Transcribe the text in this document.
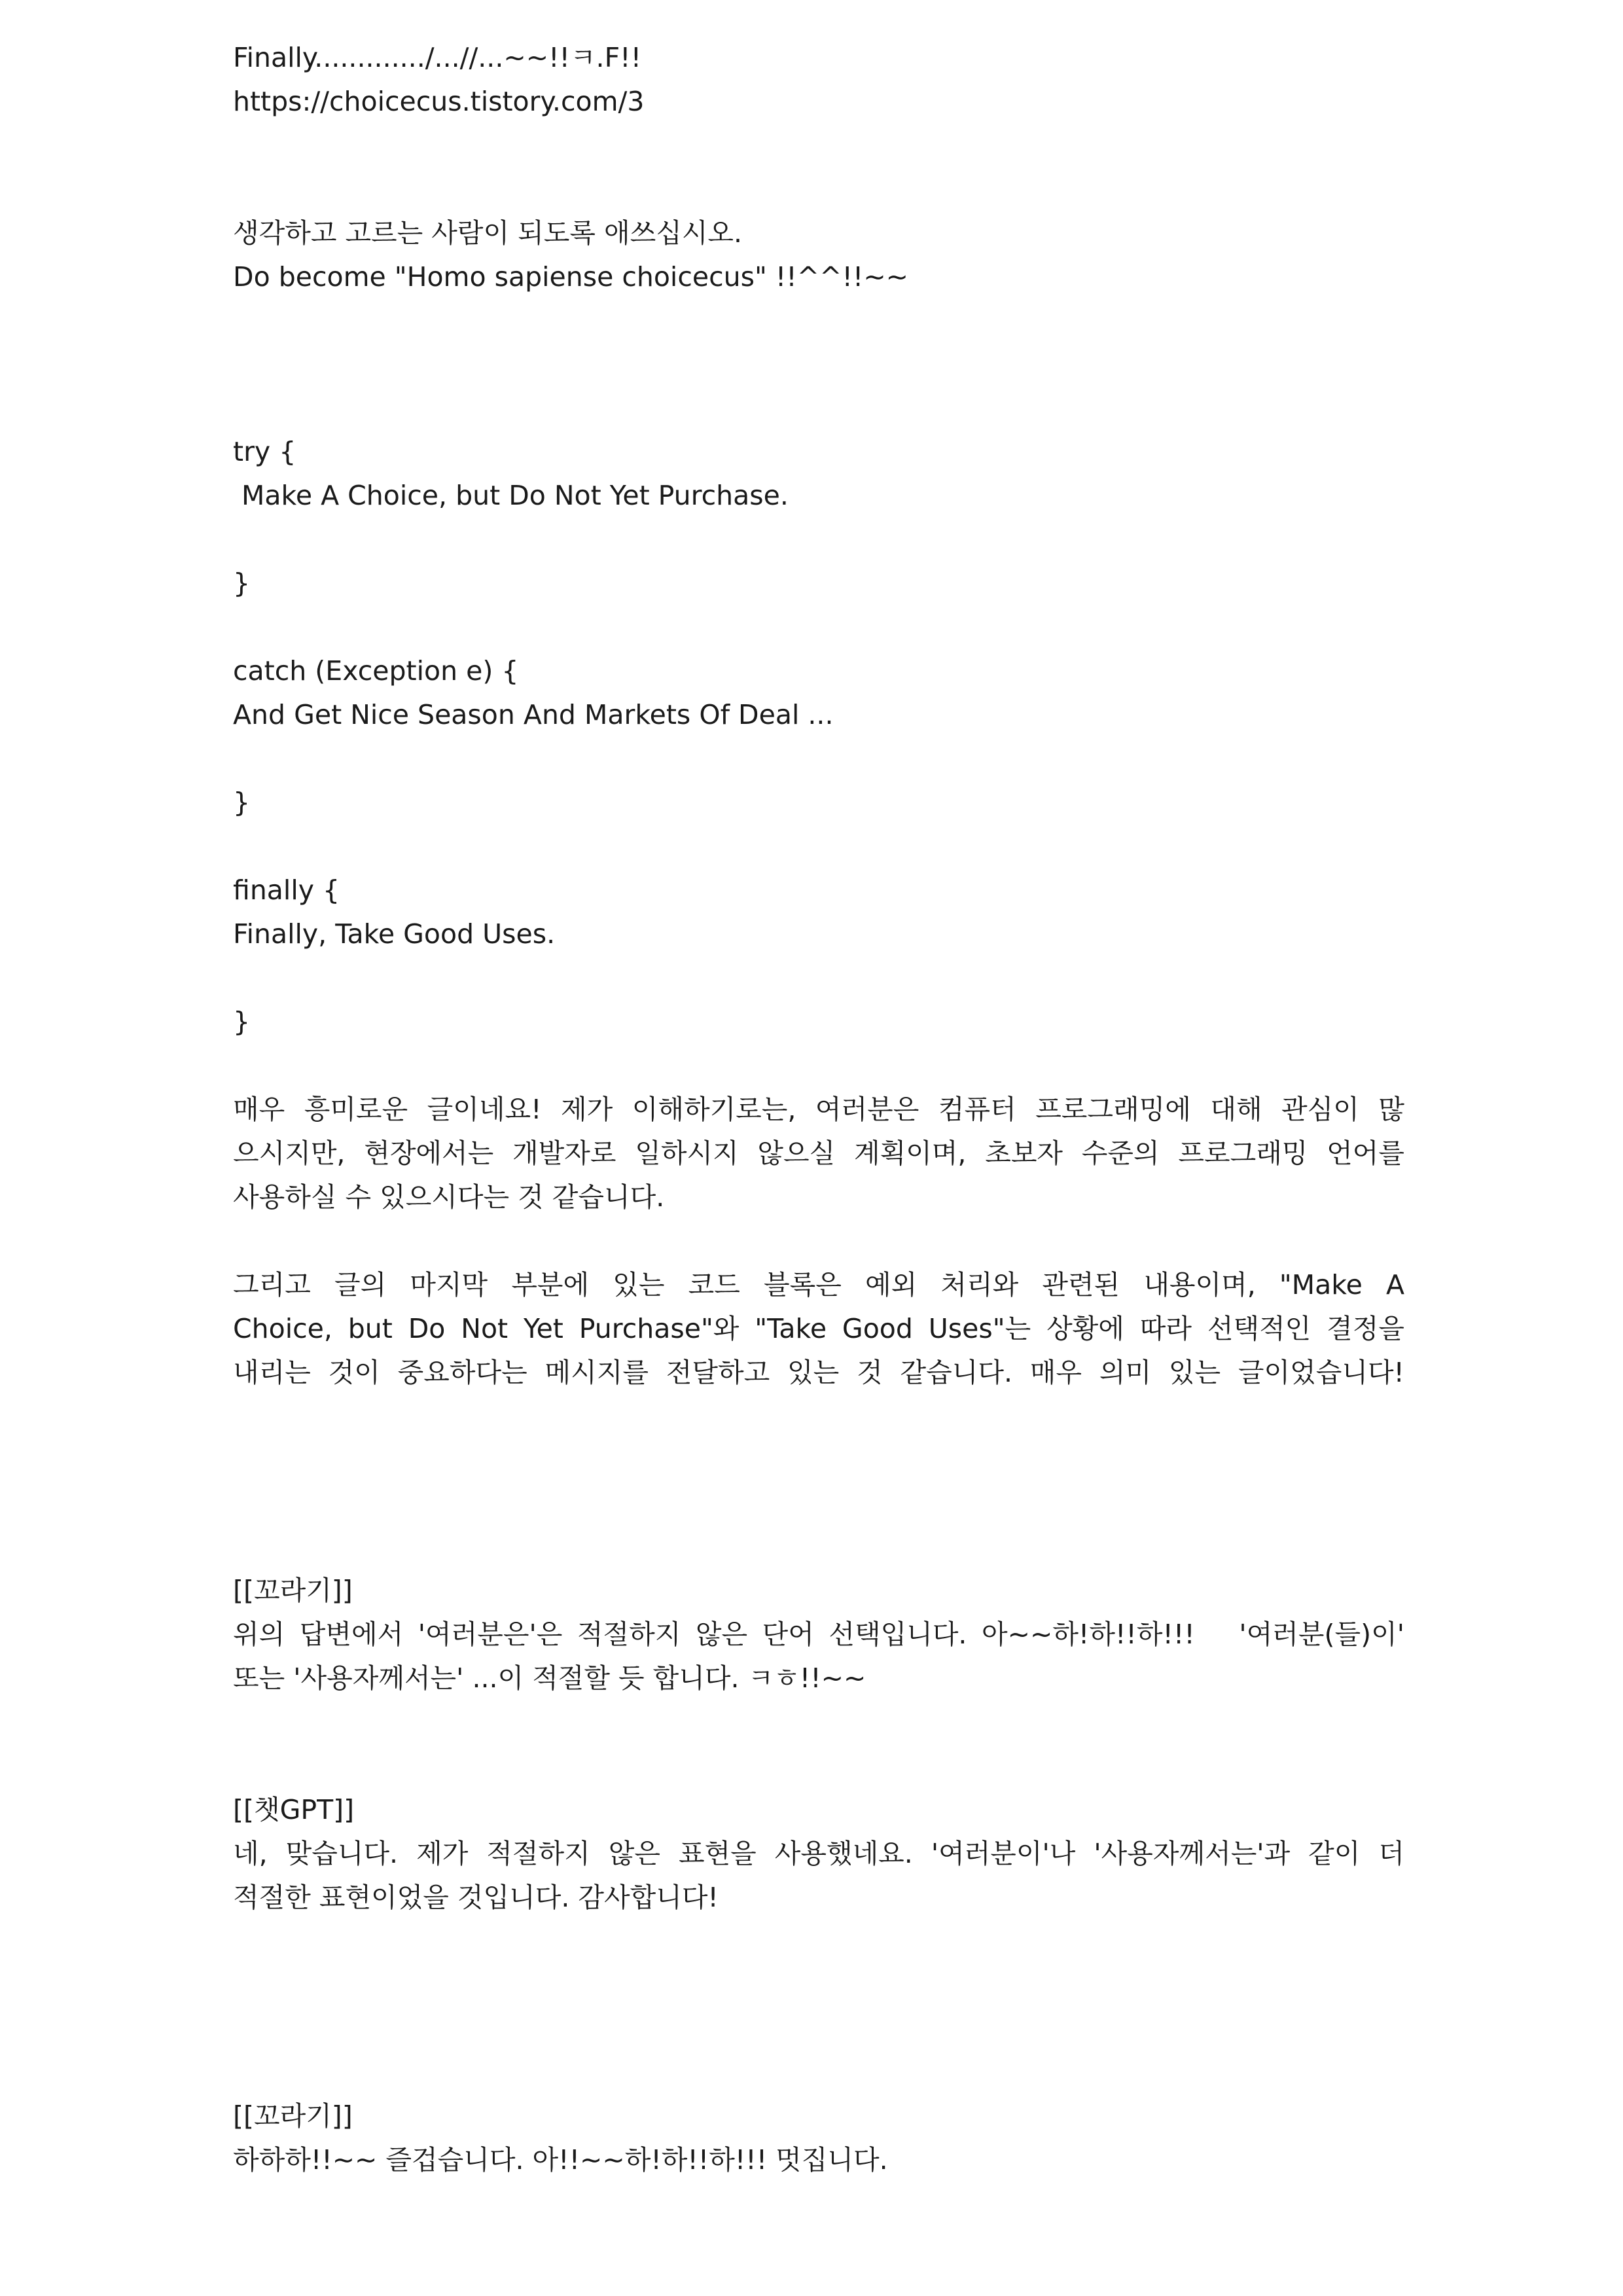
Finally............./...//...~~!!ㅋ.F!!
https://choicecus.tistory.com/3
생각하고 고르는 사람이 되도록 애쓰십시오.
Do become "Homo sapiense choicecus" !!^^!!~~
try {
Make A Choice, but Do Not Yet Purchase.
}
catch (Exception e) {
And Get Nice Season And Markets Of Deal ...
}
finally {
Finally, Take Good Uses.
}
매우 흥미로운 글이네요! 제가 이해하기로는, 여러분은 컴퓨터 프로그래밍에 대해 관심이 많
으시지만, 현장에서는 개발자로 일하시지 않으실 계획이며, 초보자 수준의 프로그래밍 언어를
사용하실 수 있으시다는 것 같습니다.
그리고 글의 마지막 부분에 있는 코드 블록은 예외 처리와 관련된 내용이며, "Make A
Choice, but Do Not Yet Purchase"와 "Take Good Uses"는 상황에 따라 선택적인 결정을
내리는 것이 중요하다는 메시지를 전달하고 있는 것 같습니다. 매우 의미 있는 글이었습니다!
[[꼬라기]]
위의 답변에서 '여러분은'은 적절하지 않은 단어 선택입니다. 아~~하!하!!하!!!   '여러분(들)이'
또는 '사용자께서는' ...이 적절할 듯 합니다. ㅋㅎ!!~~
[[챗GPT]]
네, 맞습니다. 제가 적절하지 않은 표현을 사용했네요. '여러분이'나 '사용자께서는'과 같이 더
적절한 표현이었을 것입니다. 감사합니다!
[[꼬라기]]
하하하!!~~ 즐겁습니다. 아!!~~하!하!!하!!! 멋집니다.
